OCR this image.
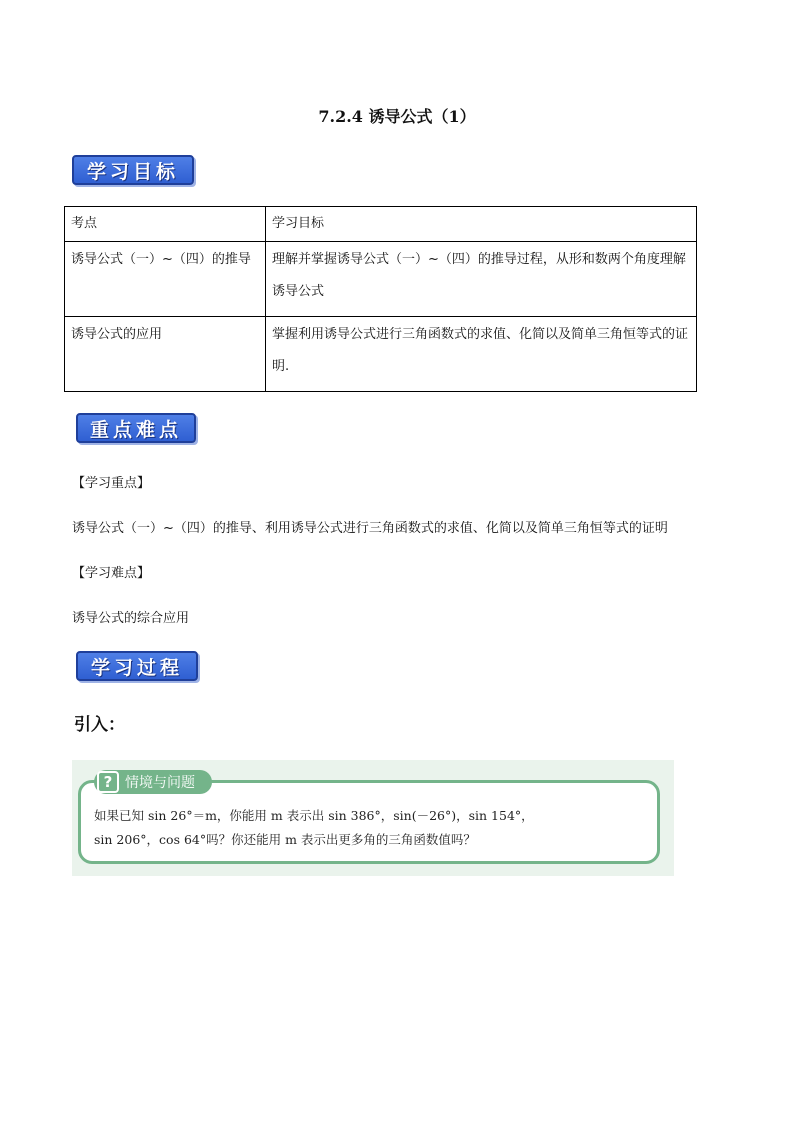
7.2.4 诱导公式（1）
学习目标
考点	学习目标
诱导公式（一）~（四）的推导	理解并掌握诱导公式（一）~（四）的推导过程，从形和数两个角度理解诱导公式
诱导公式的应用	掌握利用诱导公式进行三角函数式的求值、化简以及简单三角恒等式的证明.
重点难点
【学习重点】
诱导公式（一）~（四）的推导、利用诱导公式进行三角函数式的求值、化简以及简单三角恒等式的证明
【学习难点】
诱导公式的综合应用
学习过程
引入：
? 情境与问题
如果已知 sin 26°＝m，你能用 m 表示出 sin 386°，sin(－26°)，sin 154°，
sin 206°，cos 64°吗？你还能用 m 表示出更多角的三角函数值吗？
